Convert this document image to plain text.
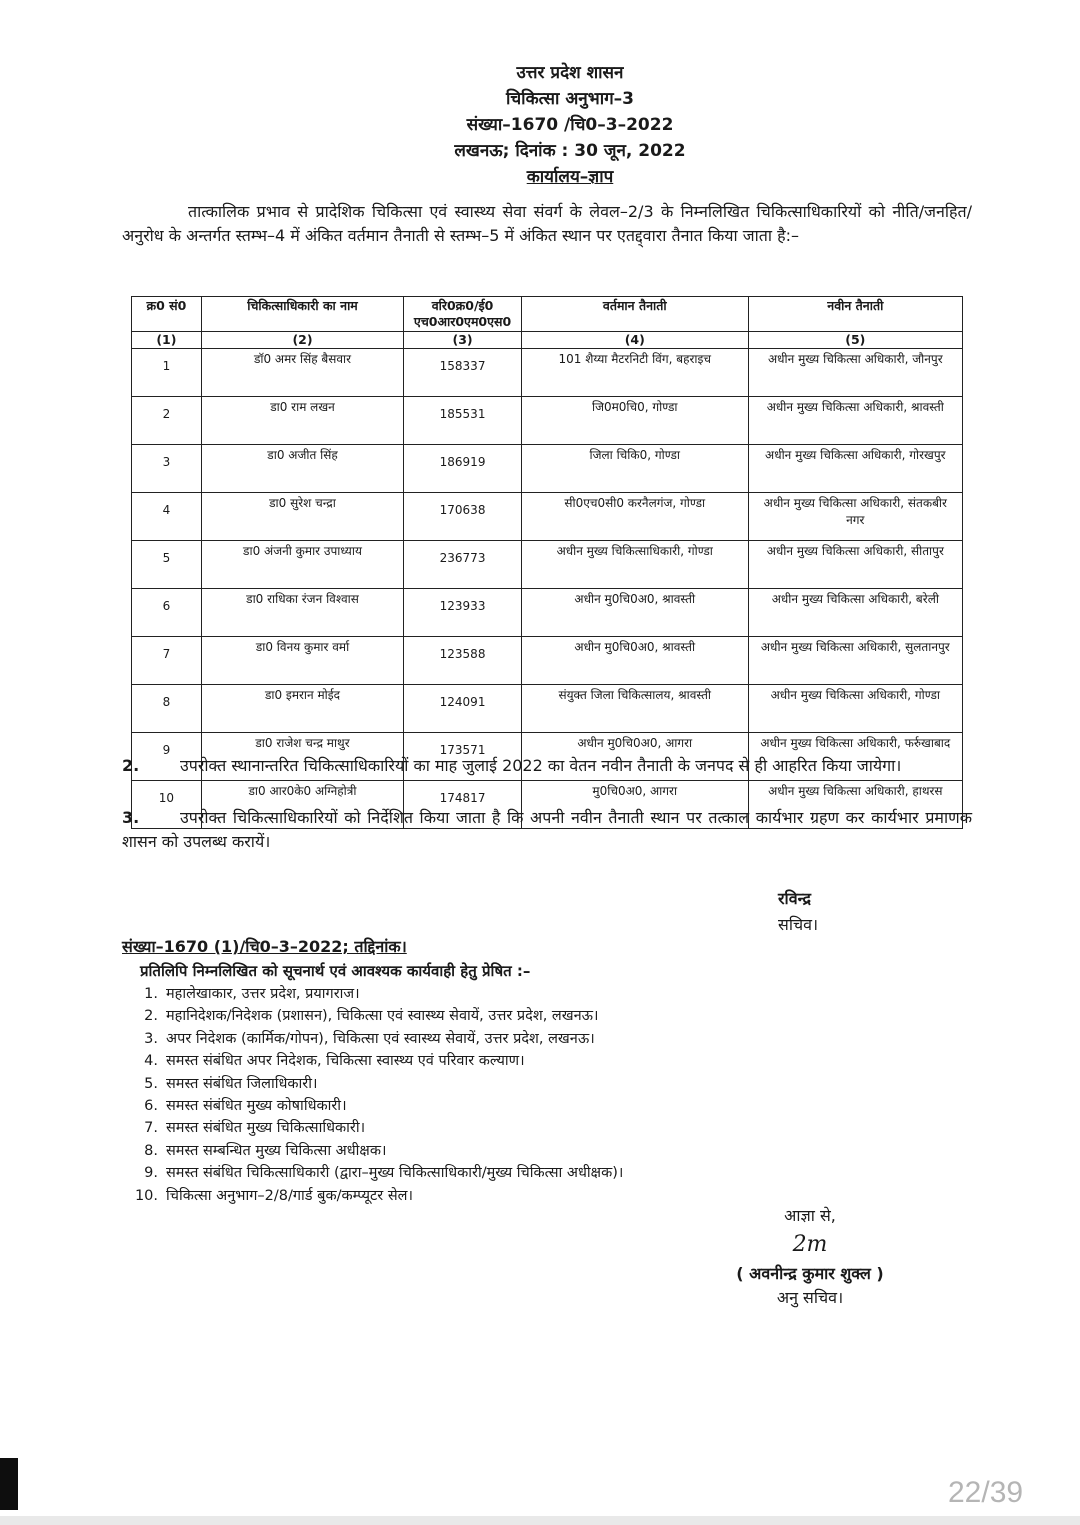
उत्तर प्रदेश शासन
चिकित्सा अनुभाग–3
संख्या–1670 /चि0–3–2022
लखनऊ; दिनांक : 30 जून, 2022
कार्यालय–ज्ञाप
तात्कालिक प्रभाव से प्रादेशिक चिकित्सा एवं स्वास्थ्य सेवा संवर्ग के लेवल–2/3 के निम्नलिखित चिकित्साधिकारियों को नीति/जनहित/अनुरोध के अन्तर्गत स्तम्भ–4 में अंकित वर्तमान तैनाती से स्तम्भ–5 में अंकित स्थान पर एतद्द्वारा तैनात किया जाता है:–
क्र0 सं0	चिकित्साधिकारी का नाम	वरि0क्र0/ई0 एच0आर0एम0एस0	वर्तमान तैनाती	नवीन तैनाती
(1)	(2)	(3)	(4)	(5)
1	डॉ0 अमर सिंह बैसवार	158337	101 शैय्या मैटरनिटी विंग, बहराइच	अधीन मुख्य चिकित्सा अधिकारी, जौनपुर
2	डा0 राम लखन	185531	जि0म0चि0, गोण्डा	अधीन मुख्य चिकित्सा अधिकारी, श्रावस्ती
3	डा0 अजीत सिंह	186919	जिला चिकि0, गोण्डा	अधीन मुख्य चिकित्सा अधिकारी, गोरखपुर
4	डा0 सुरेश चन्द्रा	170638	सी0एच0सी0 करनैलगंज, गोण्डा	अधीन मुख्य चिकित्सा अधिकारी, संतकबीर नगर
5	डा0 अंजनी कुमार उपाध्याय	236773	अधीन मुख्य चिकित्साधिकारी, गोण्डा	अधीन मुख्य चिकित्सा अधिकारी, सीतापुर
6	डा0 राधिका रंजन विश्वास	123933	अधीन मु0चि0अ0, श्रावस्ती	अधीन मुख्य चिकित्सा अधिकारी, बरेली
7	डा0 विनय कुमार वर्मा	123588	अधीन मु0चि0अ0, श्रावस्ती	अधीन मुख्य चिकित्सा अधिकारी, सुलतानपुर
8	डा0 इमरान मोईद	124091	संयुक्त जिला चिकित्सालय, श्रावस्ती	अधीन मुख्य चिकित्सा अधिकारी, गोण्डा
9	डा0 राजेश चन्द्र माथुर	173571	अधीन मु0चि0अ0, आगरा	अधीन मुख्य चिकित्सा अधिकारी, फर्रुखाबाद
10	डा0 आर0के0 अग्निहोत्री	174817	मु0चि0अ0, आगरा	अधीन मुख्य चिकित्सा अधिकारी, हाथरस
2.	उपरोक्त स्थानान्तरित चिकित्साधिकारियों का माह जुलाई 2022 का वेतन नवीन तैनाती के जनपद से ही आहरित किया जायेगा।
3.	उपरोक्त चिकित्साधिकारियों को निर्देशित किया जाता है कि अपनी नवीन तैनाती स्थान पर तत्काल कार्यभार ग्रहण कर कार्यभार प्रमाणक शासन को उपलब्ध करायें।
रविन्द्र
सचिव।
संख्या–1670 (1)/चि0–3–2022; तद्दिनांक।
प्रतिलिपि निम्नलिखित को सूचनार्थ एवं आवश्यक कार्यवाही हेतु प्रेषित :–
1. महालेखाकार, उत्तर प्रदेश, प्रयागराज।
2. महानिदेशक/निदेशक (प्रशासन), चिकित्सा एवं स्वास्थ्य सेवायें, उत्तर प्रदेश, लखनऊ।
3. अपर निदेशक (कार्मिक/गोपन), चिकित्सा एवं स्वास्थ्य सेवायें, उत्तर प्रदेश, लखनऊ।
4. समस्त संबंधित अपर निदेशक, चिकित्सा स्वास्थ्य एवं परिवार कल्याण।
5. समस्त संबंधित जिलाधिकारी।
6. समस्त संबंधित मुख्य कोषाधिकारी।
7. समस्त संबंधित मुख्य चिकित्साधिकारी।
8. समस्त सम्बन्धित मुख्य चिकित्सा अधीक्षक।
9. समस्त संबंधित चिकित्साधिकारी (द्वारा–मुख्य चिकित्साधिकारी/मुख्य चिकित्सा अधीक्षक)।
10. चिकित्सा अनुभाग–2/8/गार्ड बुक/कम्प्यूटर सेल।
आज्ञा से,
2m
( अवनीन्द्र कुमार शुक्ल )
अनु सचिव।
22/39
